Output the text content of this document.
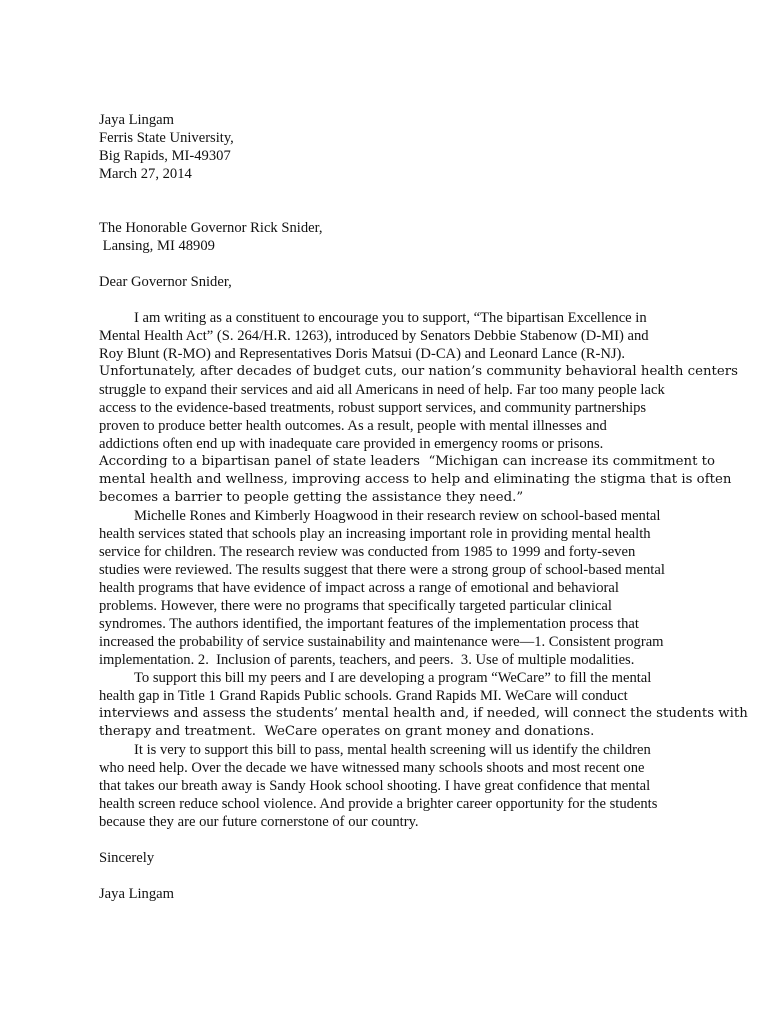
Jaya Lingam
Ferris State University,
Big Rapids, MI-49307
March 27, 2014
The Honorable Governor Rick Snider,
Lansing, MI 48909
Dear Governor Snider,
I am writing as a constituent to encourage you to support, “The bipartisan Excellence in
Mental Health Act” (S. 264/H.R. 1263), introduced by Senators Debbie Stabenow (D-MI) and
Roy Blunt (R-MO) and Representatives Doris Matsui (D-CA) and Leonard Lance (R-NJ).
Unfortunately, after decades of budget cuts, our nation’s community behavioral health centers
struggle to expand their services and aid all Americans in need of help. Far too many people lack
access to the evidence-based treatments, robust support services, and community partnerships
proven to produce better health outcomes. As a result, people with mental illnesses and
addictions often end up with inadequate care provided in emergency rooms or prisons.
According to a bipartisan panel of state leaders  “Michigan can increase its commitment to
mental health and wellness, improving access to help and eliminating the stigma that is often
becomes a barrier to people getting the assistance they need.”
Michelle Rones and Kimberly Hoagwood in their research review on school-based mental
health services stated that schools play an increasing important role in providing mental health
service for children. The research review was conducted from 1985 to 1999 and forty-seven
studies were reviewed. The results suggest that there were a strong group of school-based mental
health programs that have evidence of impact across a range of emotional and behavioral
problems. However, there were no programs that specifically targeted particular clinical
syndromes. The authors identified, the important features of the implementation process that
increased the probability of service sustainability and maintenance were—1. Consistent program
implementation. 2.  Inclusion of parents, teachers, and peers.  3. Use of multiple modalities.
To support this bill my peers and I are developing a program “WeCare” to fill the mental
health gap in Title 1 Grand Rapids Public schools. Grand Rapids MI. WeCare will conduct
interviews and assess the students’ mental health and, if needed, will connect the students with
therapy and treatment.  WeCare operates on grant money and donations.
It is very to support this bill to pass, mental health screening will us identify the children
who need help. Over the decade we have witnessed many schools shoots and most recent one
that takes our breath away is Sandy Hook school shooting. I have great confidence that mental
health screen reduce school violence. And provide a brighter career opportunity for the students
because they are our future cornerstone of our country.
Sincerely
Jaya Lingam
